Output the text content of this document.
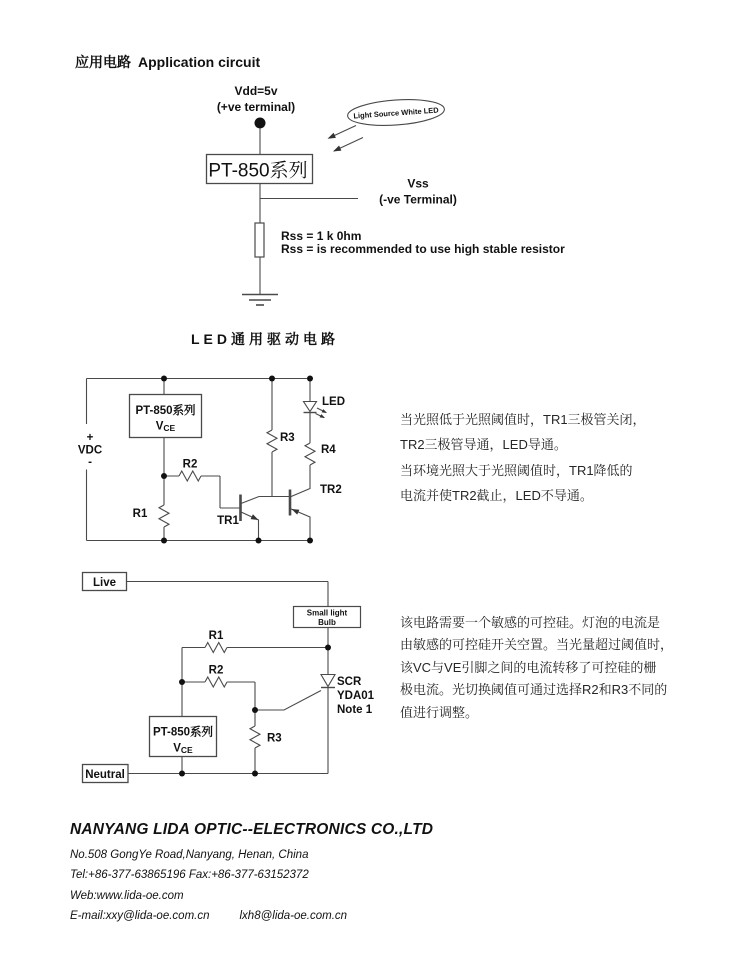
应用电路 Application circuit
Vdd=5v
(+ve terminal)
PT-850系列
Vss
(-ve Terminal)
Rss = 1 k 0hm
Rss = is recommended to use high stable resistor
Light Source White LED
+
VDC
-
PT-850系列
VCE
R1
R2
R3
TR1
TR2
LED
R4
Live
Small light
Bulb
R1
R2
R3
SCR
YDA01
Note 1
PT-850系列
VCE
Neutral
LED通用驱动电路
当光照低于光照阈值时，TR1三极管关闭，
TR2三极管导通，LED导通。
当环境光照大于光照阈值时，TR1降低的
电流并使TR2截止，LED不导通。
该电路需要一个敏感的可控硅。灯泡的电流是
由敏感的可控硅开关空置。当光量超过阈值时，
该VC与VE引脚之间的电流转移了可控硅的栅
极电流。光切换阈值可通过选择R2和R3不同的
值进行调整。
NANYANG LIDA OPTIC--ELECTRONICS CO.,LTD
No.508 GongYe Road,Nanyang, Henan, China
Tel:+86-377-63865196 Fax:+86-377-63152372
Web:www.lida-oe.com
E-mail:xxy@lida-oe.com.cn	lxh8@lida-oe.com.cn
